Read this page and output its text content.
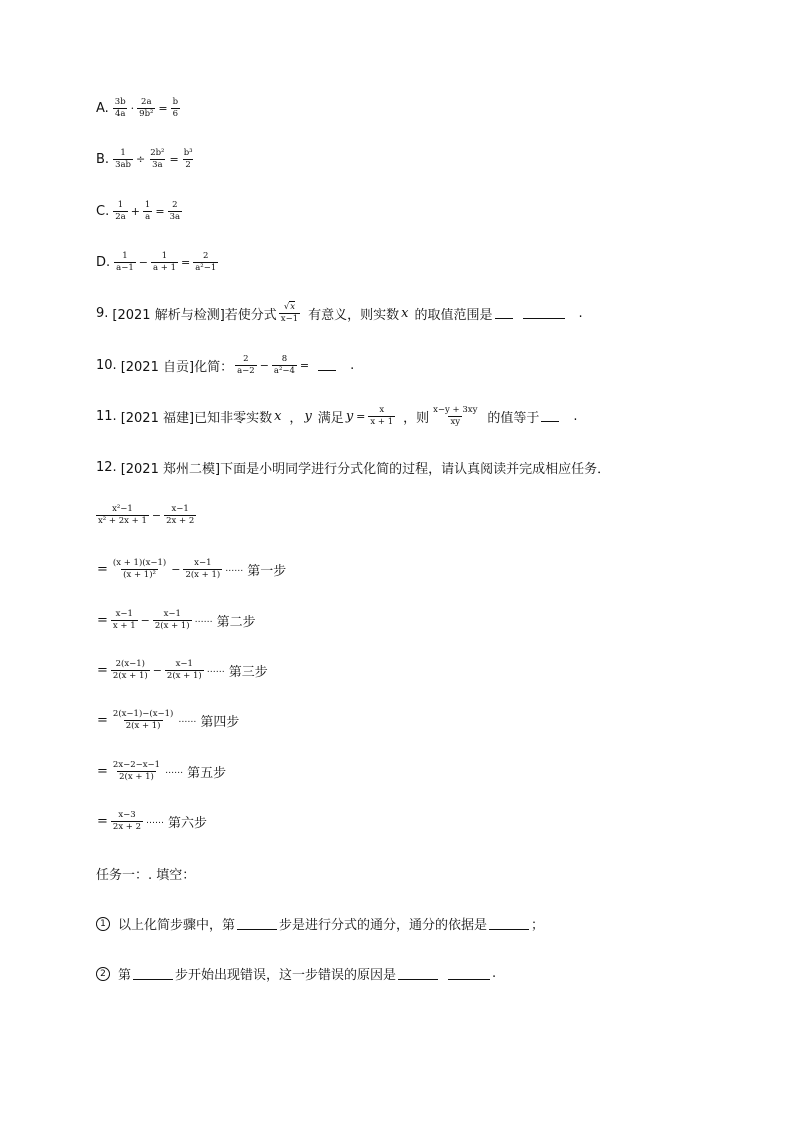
A. $\frac{3b}{4a} \cdot \frac{2a}{\text{9b²}} = \frac{b}{6}$
B. $\frac{1}{3ab} \div \frac{\text{2b²}}{3a} = \frac{\text{b³}}{2}$
C. $\frac{1}{2a} + \frac{1}{a} = \frac{2}{3a}$
D. $\frac{1}{a-1} - \frac{1}{a + 1} = \frac{2}{\text{a²−1}}$
9. [2021 解析与检测] 若使分式 $\frac{√x}{x-1}$ 有意义，则实数 x 的取值范围是	.
10. [2021 自贡] 化简： $\frac{2}{a-2} - \frac{8}{\text{a²−4}}$ =	.
11. [2021 福建] 已知非零实数 x ， y 满足 $y = \frac{x}{x + 1}$ ，则 $\frac{x-y + 3xy}{xy}$ 的值等于	.
12. [2021 郑州二模] 下面是小明同学进行分式化简的过程，请认真阅读并完成相应任务．
$\frac{\text{x²−1}}{\text{x² + 2x + 1}} - \frac{x-1}{2x + 2}$
= $\frac{(x + 1)(x-1)}{\text{(x + 1)²}} - \frac{x-1}{2(x + 1)}$ …… 第一步
= $\frac{x-1}{x + 1} - \frac{x-1}{2(x + 1)}$ …… 第二步
= $\frac{2(x-1)}{2(x + 1)} - \frac{x-1}{2(x + 1)}$ …… 第三步
= $\frac{2(x-1)-(x-1)}{2(x + 1)}$ …… 第四步
= $\frac{2x-2-x-1}{2(x + 1)}$ …… 第五步
= $\frac{x-3}{2x + 2}$ …… 第六步
任务一：. 填空：
1 以上化简步骤中，第	步是进行分式的通分，通分的依据是	；
2 第	步开始出现错误，这一步错误的原因是	.
